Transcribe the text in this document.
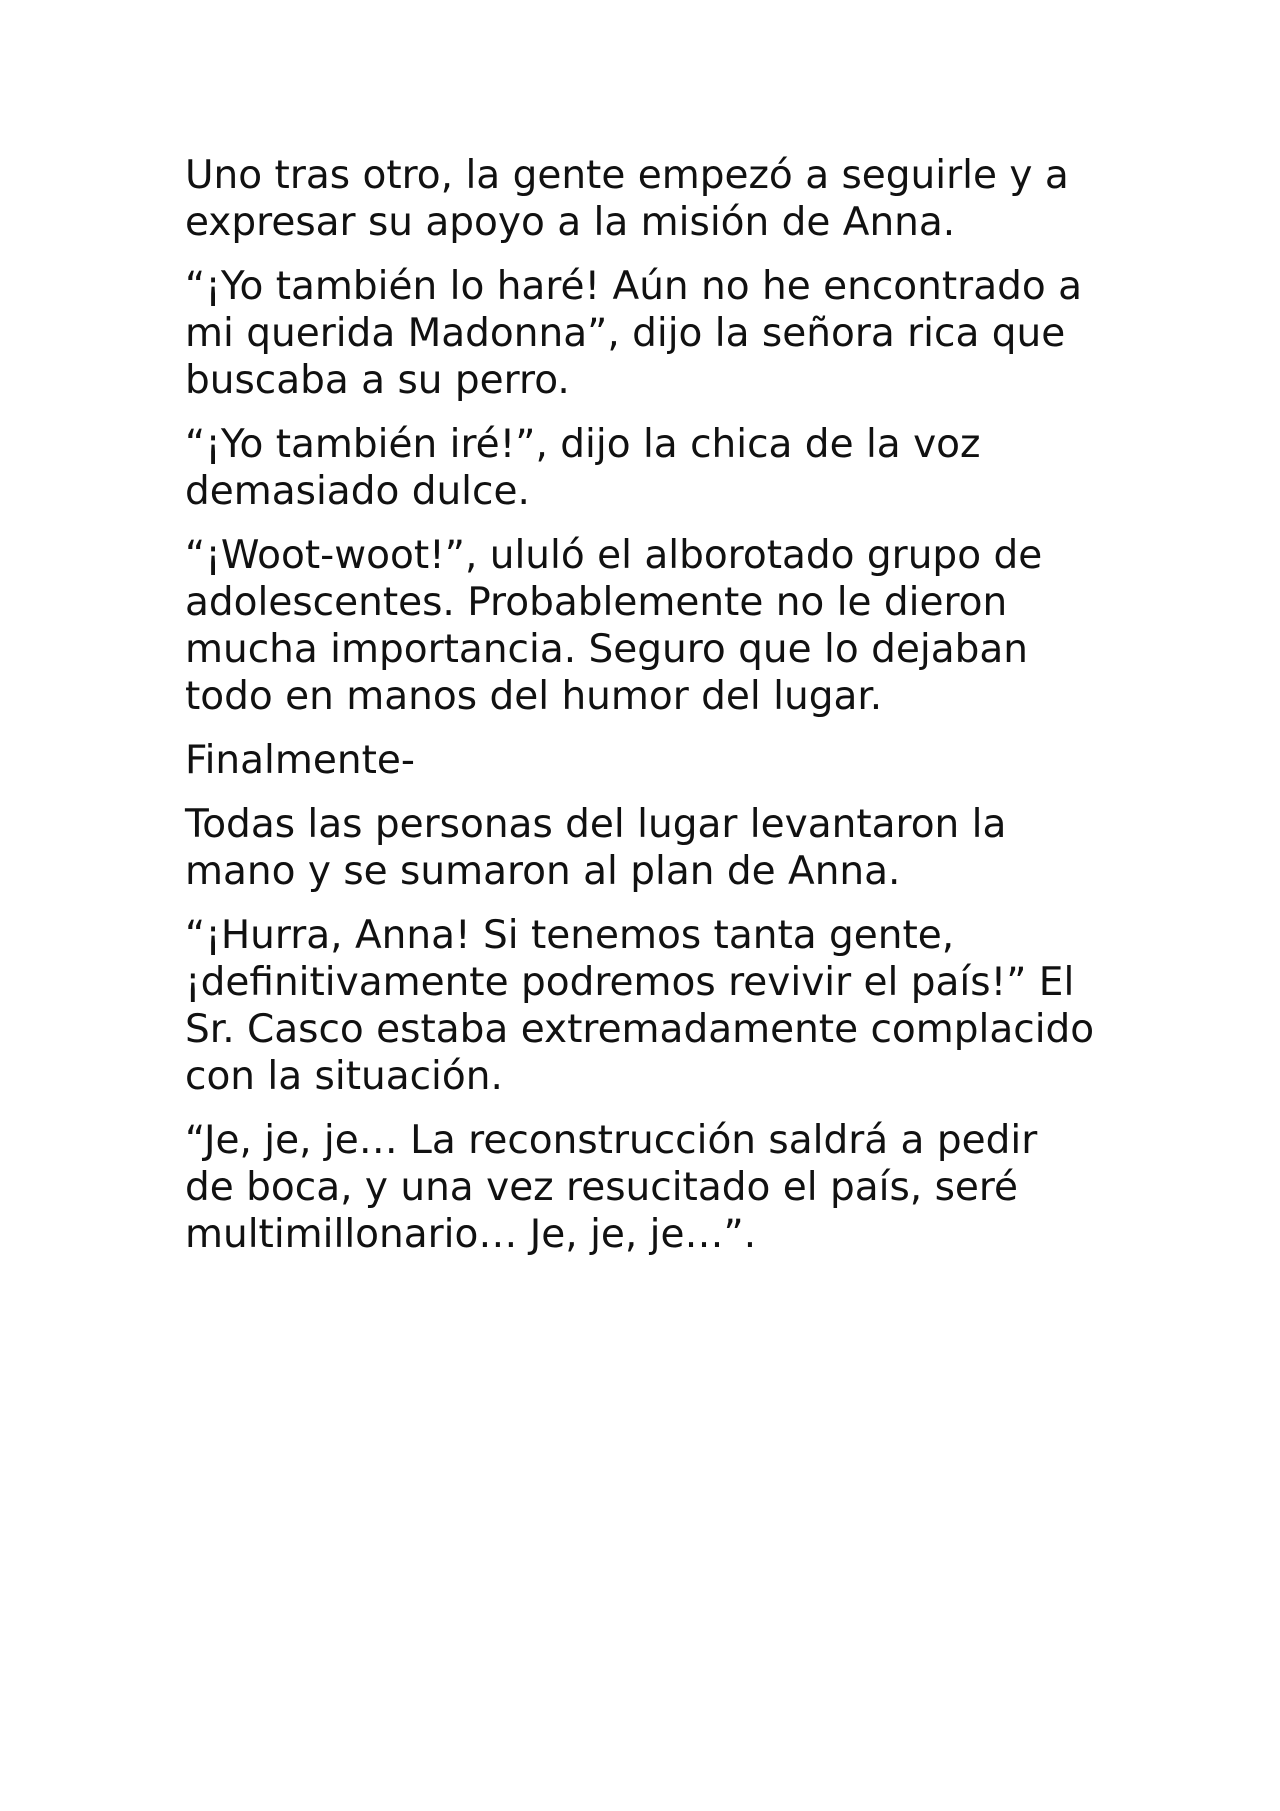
Uno tras otro, la gente empezó a seguirle y a
expresar su apoyo a la misión de Anna.

“¡Yo también lo haré! Aún no he encontrado a
mi querida Madonna”, dijo la señora rica que
buscaba a su perro.

“¡Yo también iré!”, dijo la chica de la voz
demasiado dulce.

“¡Woot-woot!”, ululó el alborotado grupo de
adolescentes. Probablemente no le dieron
mucha importancia. Seguro que lo dejaban
todo en manos del humor del lugar.

Finalmente-

Todas las personas del lugar levantaron la
mano y se sumaron al plan de Anna.

“¡Hurra, Anna! Si tenemos tanta gente,
¡definitivamente podremos revivir el país!” El
Sr. Casco estaba extremadamente complacido
con la situación.

“Je, je, je… La reconstrucción saldrá a pedir
de boca, y una vez resucitado el país, seré
multimillonario… Je, je, je…”.
